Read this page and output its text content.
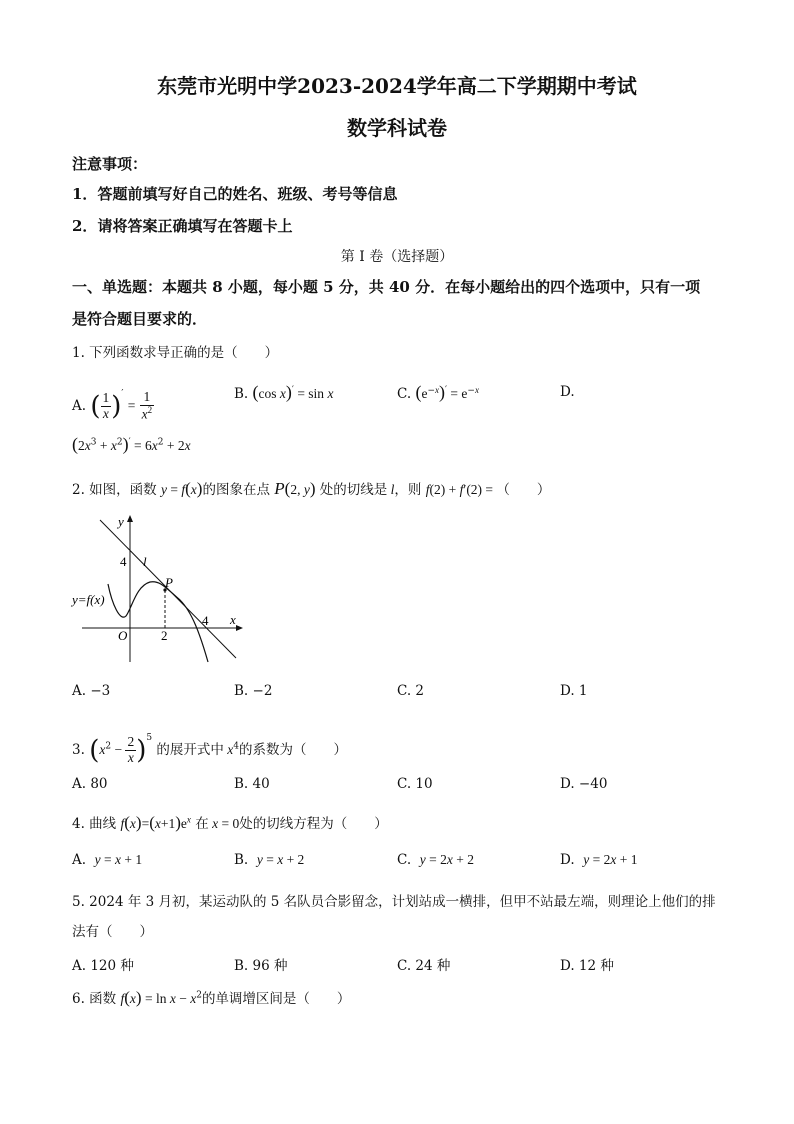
东莞市光明中学2023-2024学年高二下学期期中考试
数学科试卷
注意事项：
1．答题前填写好自己的姓名、班级、考号等信息
2．请将答案正确填写在答题卡上
第 I 卷（选择题）
一、单选题：本题共 8 小题，每小题 5 分，共 40 分．在每小题给出的四个选项中，只有一项
是符合题目要求的．
1. 下列函数求导正确的是（　　）
A. ( $\frac{1}{x} )' = \frac{1}{x^2}$	B. (cos x)′ = sin x	C. $(e^{-x})' = e^{-x}$	D.
$(2x^3 + x^2)' = 6x^2 + 2x$
2. 如图，函数 y = f(x)的图象在点 P(2, y) 处的切线是 l，则 f(2) + f′(2) = （　　）
y
x
O
4
4
2
l
P
y=f(x)
A. −3	B. −2	C. 2	D. 1
3. $(x^2 - \frac{2}{x} )^5$ 的展开式中 $x^4$的系数为（　　）
A. 80	B. 40	C. 10	D. −40
4. 曲线 $f(x)=(x+1)e^x$ 在 x = 0处的切线方程为（　　）
A. y = x + 1	B. y = x + 2	C. y = 2x + 2	D. y = 2x + 1
5. 2024 年 3 月初，某运动队的 5 名队员合影留念，计划站成一横排，但甲不站最左端，则理论上他们的排
法有（　　）
A. 120 种	B. 96 种	C. 24 种	D. 12 种
6. 函数 $f(x) = \ln x - x^2$的单调增区间是（　　）
